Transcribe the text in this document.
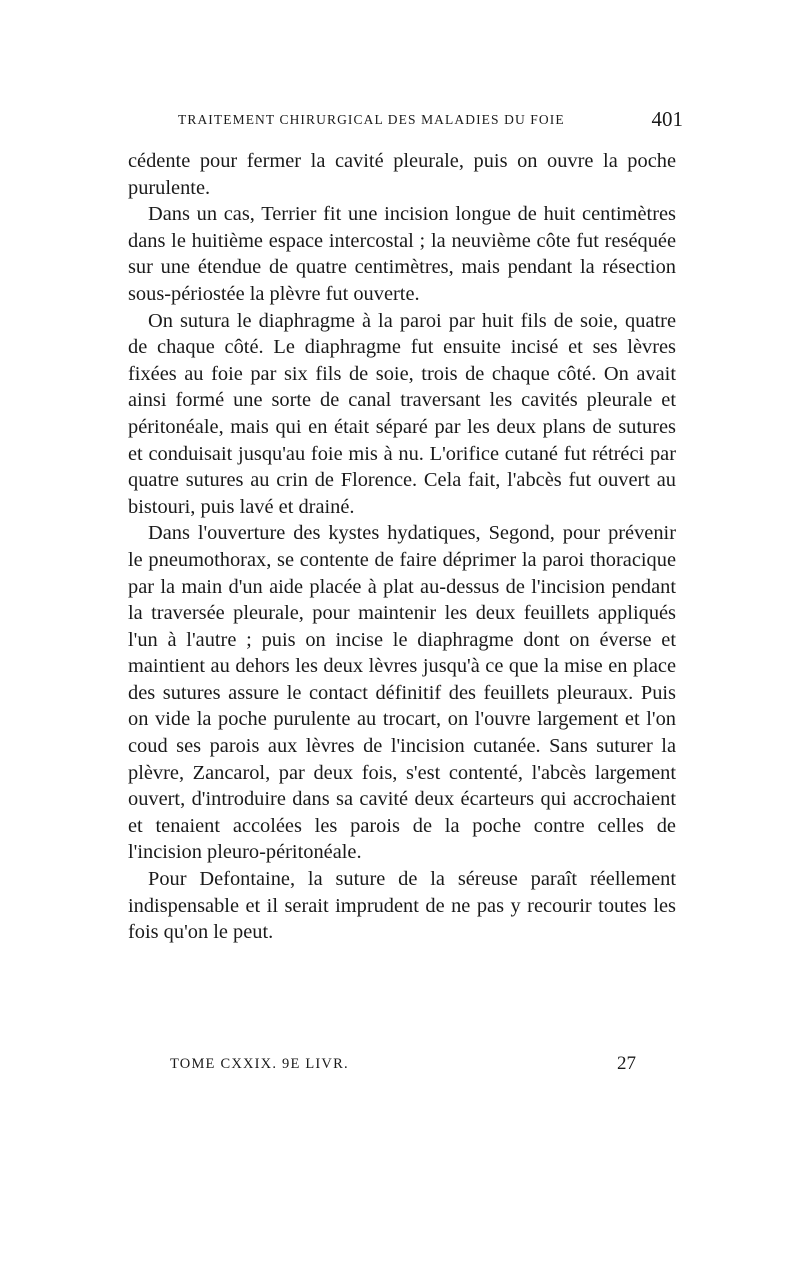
TRAITEMENT CHIRURGICAL DES MALADIES DU FOIE	401

cédente pour fermer la cavité pleurale, puis on ouvre la poche purulente.

Dans un cas, Terrier fit une incision longue de huit centimètres dans le huitième espace intercostal ; la neuvième côte fut reséquée sur une étendue de quatre centimètres, mais pendant la résection sous-périostée la plèvre fut ouverte.

On sutura le diaphragme à la paroi par huit fils de soie, quatre de chaque côté. Le diaphragme fut ensuite incisé et ses lèvres fixées au foie par six fils de soie, trois de chaque côté. On avait ainsi formé une sorte de canal traversant les cavités pleurale et péritonéale, mais qui en était séparé par les deux plans de sutures et conduisait jusqu'au foie mis à nu. L'orifice cutané fut rétréci par quatre sutures au crin de Florence. Cela fait, l'abcès fut ouvert au bistouri, puis lavé et drainé.

Dans l'ouverture des kystes hydatiques, Segond, pour prévenir le pneumothorax, se contente de faire déprimer la paroi thoracique par la main d'un aide placée à plat au-dessus de l'incision pendant la traversée pleurale, pour maintenir les deux feuillets appliqués l'un à l'autre ; puis on incise le diaphragme dont on éverse et maintient au dehors les deux lèvres jusqu'à ce que la mise en place des sutures assure le contact définitif des feuillets pleuraux. Puis on vide la poche purulente au trocart, on l'ouvre largement et l'on coud ses parois aux lèvres de l'incision cutanée. Sans suturer la plèvre, Zancarol, par deux fois, s'est contenté, l'abcès largement ouvert, d'introduire dans sa cavité deux écarteurs qui accrochaient et tenaient accolées les parois de la poche contre celles de l'incision pleuro-péritonéale.

Pour Defontaine, la suture de la séreuse paraît réellement indispensable et il serait imprudent de ne pas y recourir toutes les fois qu'on le peut.

TOME CXXIX. 9E LIVR.	27
